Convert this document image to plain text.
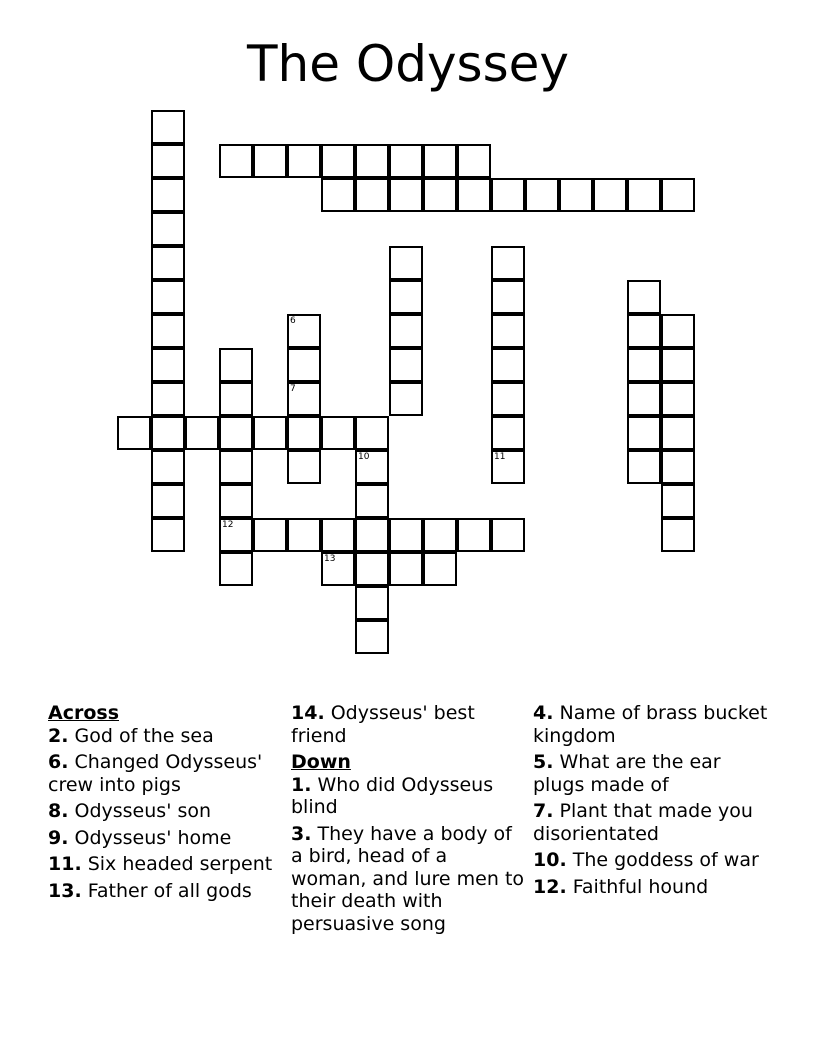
The Odyssey
11
6
7
12
10
13
Across
2. God of the sea
6. Changed Odysseus' crew into pigs
8. Odysseus' son
9. Odysseus' home
11. Six headed serpent
13. Father of all gods
14. Odysseus' best friend
Down
1. Who did Odysseus blind
3. They have a body of a bird, head of a woman, and lure men to their death with persuasive song
4. Name of brass bucket kingdom
5. What are the ear plugs made of
7. Plant that made you disorientated
10. The goddess of war
12. Faithful hound
